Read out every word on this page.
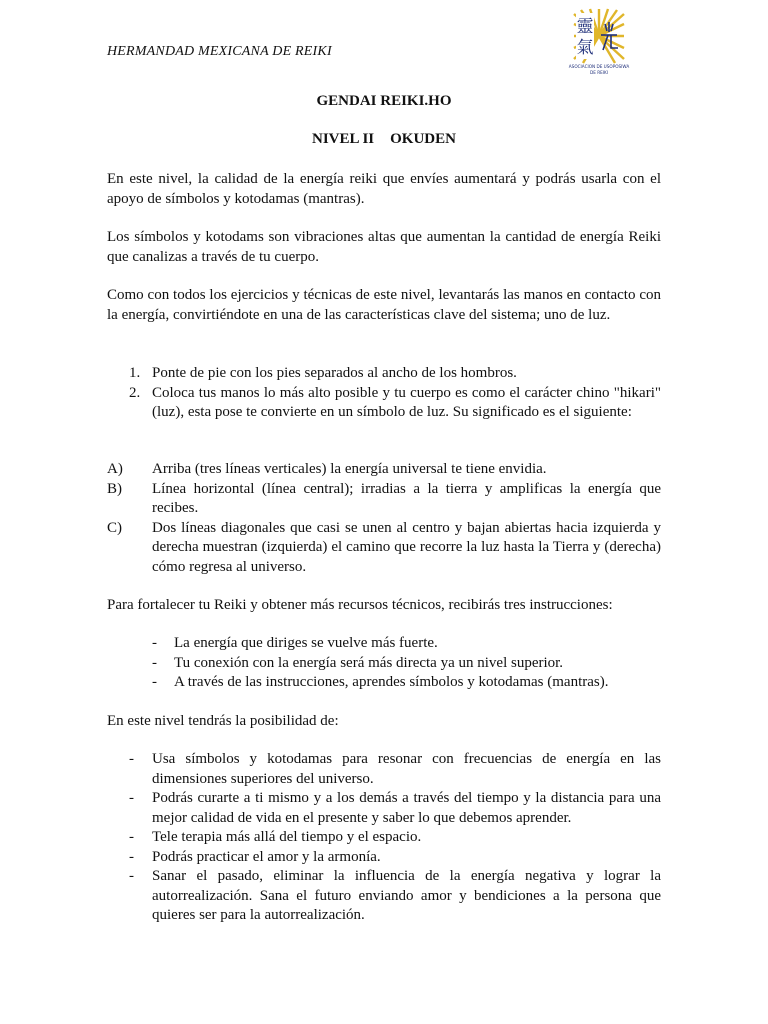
HERMANDAD MEXICANA DE REIKI
靈
氣
ASOCIACION DE USOPOSIWA
DE REIKI
GENDAI REIKI.HO
NIVEL II OKUDEN

En este nivel, la calidad de la energía reiki que envíes aumentará y podrás usarla con el apoyo de símbolos y kotodamas (mantras).

Los símbolos y kotodams son vibraciones altas que aumentan la cantidad de energía Reiki que canalizas a través de tu cuerpo.

Como con todos los ejercicios y técnicas de este nivel, levantarás las manos en contacto con la energía, convirtiéndote en una de las características clave del sistema; uno de luz.

1. Ponte de pie con los pies separados al ancho de los hombros.
2. Coloca tus manos lo más alto posible y tu cuerpo es como el carácter chino "hikari" (luz), esta pose te convierte en un símbolo de luz. Su significado es el siguiente:
A) Arriba (tres líneas verticales) la energía universal te tiene envidia.
B) Línea horizontal (línea central); irradias a la tierra y amplificas la energía que recibes.
C) Dos líneas diagonales que casi se unen al centro y bajan abiertas hacia izquierda y derecha muestran (izquierda) el camino que recorre la luz hasta la Tierra y (derecha) cómo regresa al universo.

Para fortalecer tu Reiki y obtener más recursos técnicos, recibirás tres instrucciones:

- La energía que diriges se vuelve más fuerte.
- Tu conexión con la energía será más directa ya un nivel superior.
- A través de las instrucciones, aprendes símbolos y kotodamas (mantras).

En este nivel tendrás la posibilidad de:

- Usa símbolos y kotodamas para resonar con frecuencias de energía en las dimensiones superiores del universo.
- Podrás curarte a ti mismo y a los demás a través del tiempo y la distancia para una mejor calidad de vida en el presente y saber lo que debemos aprender.
- Tele terapia más allá del tiempo y el espacio.
- Podrás practicar el amor y la armonía.
- Sanar el pasado, eliminar la influencia de la energía negativa y lograr la autorrealización. Sana el futuro enviando amor y bendiciones a la persona que quieres ser para la autorrealización.
